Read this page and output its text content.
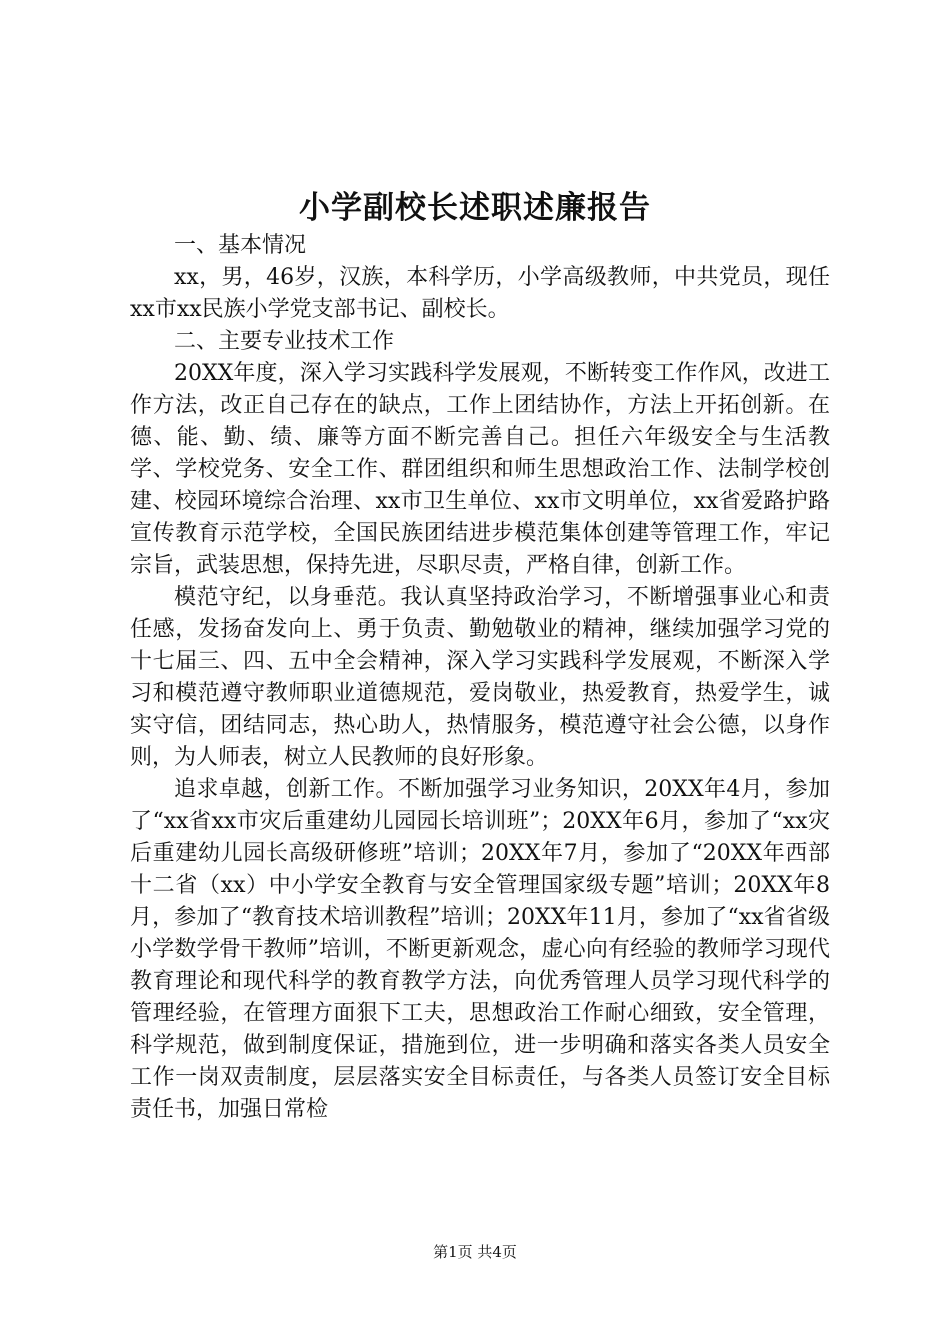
小学副校长述职述廉报告

一、基本情况

xx，男，46岁，汉族，本科学历，小学高级教师，中共党员，现任xx市xx民族小学党支部书记、副校长。

二、主要专业技术工作

20XX年度，深入学习实践科学发展观，不断转变工作作风，改进工作方法，改正自己存在的缺点，工作上团结协作，方法上开拓创新。在德、能、勤、绩、廉等方面不断完善自己。担任六年级安全与生活教学、学校党务、安全工作、群团组织和师生思想政治工作、法制学校创建、校园环境综合治理、xx市卫生单位、xx市文明单位，xx省爱路护路宣传教育示范学校，全国民族团结进步模范集体创建等管理工作，牢记宗旨，武装思想，保持先进，尽职尽责，严格自律，创新工作。

模范守纪，以身垂范。我认真坚持政治学习，不断增强事业心和责任感，发扬奋发向上、勇于负责、勤勉敬业的精神，继续加强学习党的十七届三、四、五中全会精神，深入学习实践科学发展观，不断深入学习和模范遵守教师职业道德规范，爱岗敬业，热爱教育，热爱学生，诚实守信，团结同志，热心助人，热情服务，模范遵守社会公德，以身作则，为人师表，树立人民教师的良好形象。

追求卓越，创新工作。不断加强学习业务知识，20XX年4月，参加了“xx省xx市灾后重建幼儿园园长培训班”；20XX年6月，参加了“xx灾后重建幼儿园长高级研修班”培训；20XX年7月，参加了“20XX年西部十二省（xx）中小学安全教育与安全管理国家级专题”培训；20XX年8月，参加了“教育技术培训教程”培训；20XX年11月，参加了“xx省省级小学数学骨干教师”培训，不断更新观念，虚心向有经验的教师学习现代教育理论和现代科学的教育教学方法，向优秀管理人员学习现代科学的管理经验，在管理方面狠下工夫，思想政治工作耐心细致，安全管理，科学规范，做到制度保证，措施到位，进一步明确和落实各类人员安全工作一岗双责制度，层层落实安全目标责任，与各类人员签订安全目标责任书，加强日常检

第1页 共4页
